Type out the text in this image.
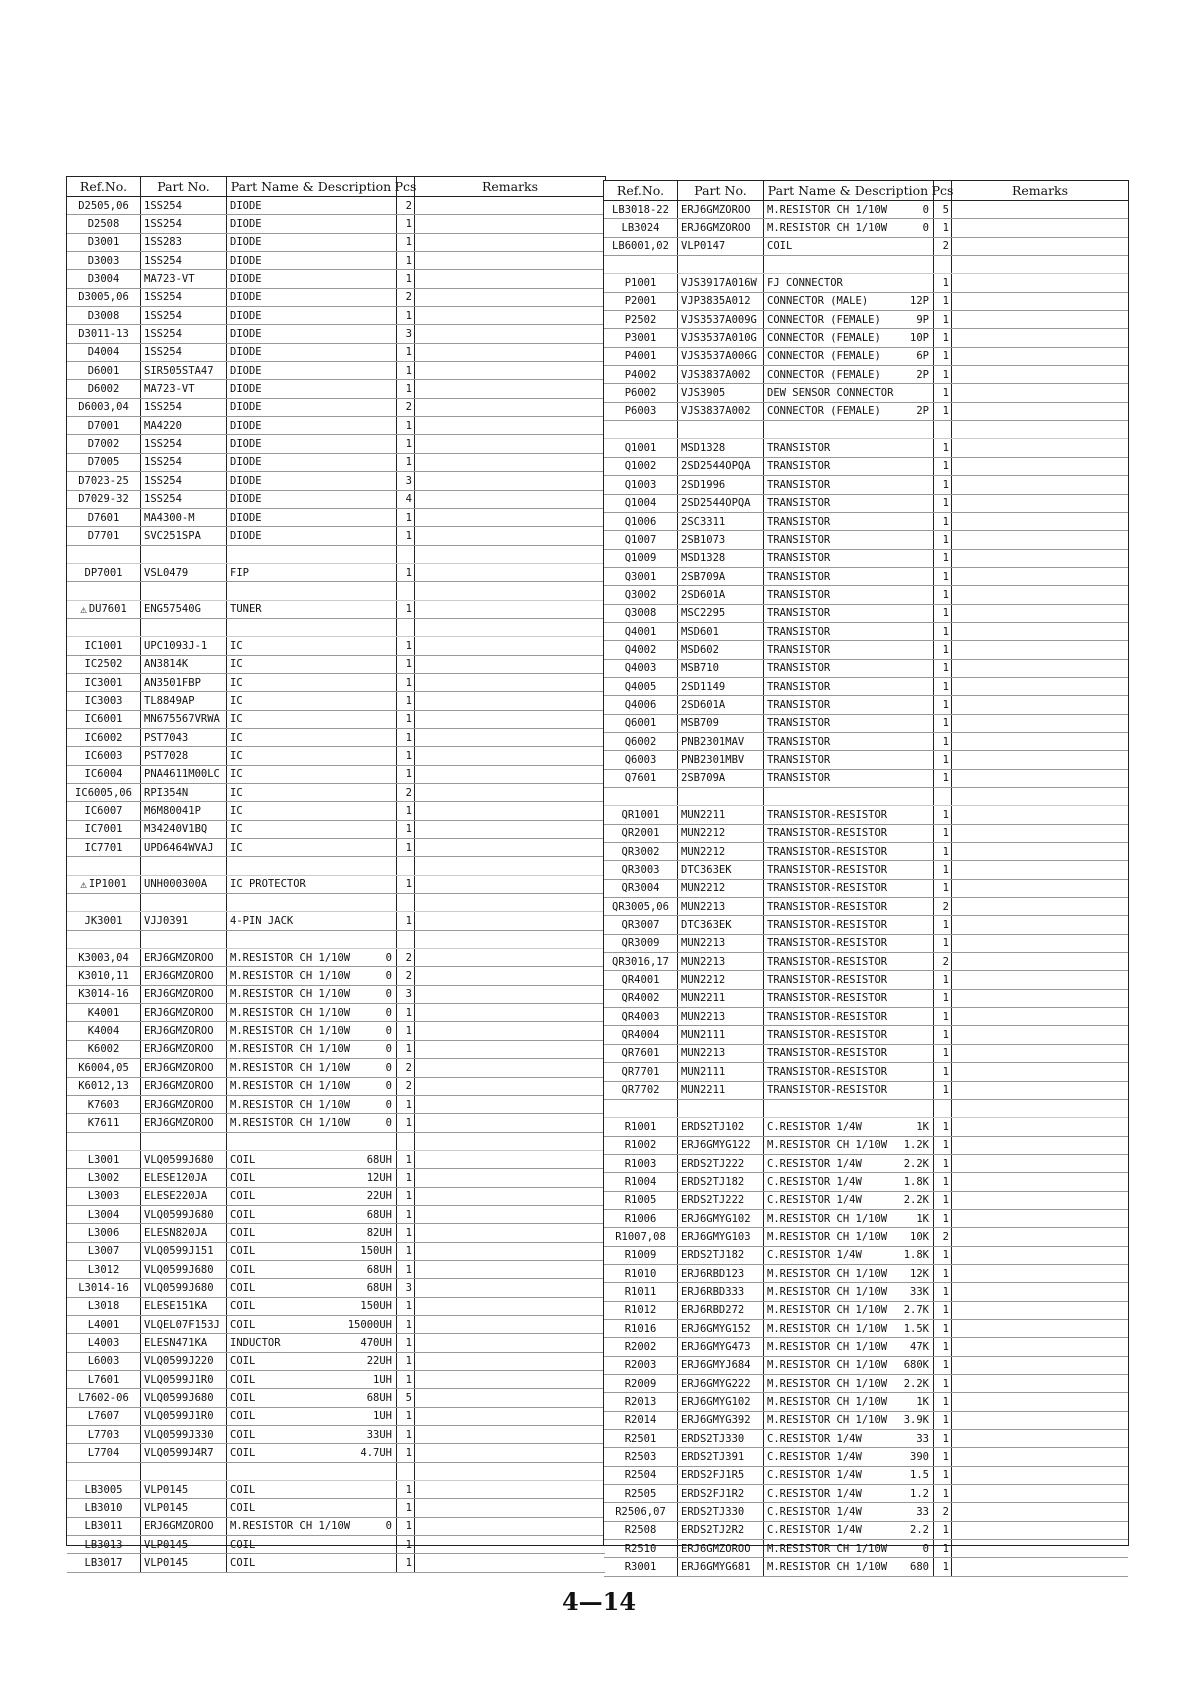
Ref.No.	Part No.	Part Name & Description Pcs	Remarks
D2505,06 1SS254	DIODE	2
D2508 1SS254	DIODE	1
D3001 1SS283	DIODE	1
D3003 1SS254	DIODE	1
D3004 MA723-VT	DIODE	1
D3005,06 1SS254	DIODE	2
D3008 1SS254	DIODE	1
D3011-13 1SS254	DIODE	3
D4004 1SS254	DIODE	1
D6001 SIR505STA47	DIODE	1
D6002 MA723-VT	DIODE	1
D6003,04 1SS254	DIODE	2
D7001 MA4220	DIODE	1
D7002 1SS254	DIODE	1
D7005 1SS254	DIODE	1
D7023-25 1SS254	DIODE	3
D7029-32 1SS254	DIODE	4
D7601 MA4300-M	DIODE	1
D7701 SVC251SPA	DIODE	1
DP7001 VSL0479	FIP	1
⚠ DU7601 ENG57540G	TUNER	1
IC1001 UPC1093J-1	IC	1
IC2502 AN3814K	IC	1
IC3001 AN3501FBP	IC	1
IC3003 TL8849AP	IC	1
IC6001 MN675567VRWA IC	1
IC6002 PST7043	IC	1
IC6003 PST7028	IC	1
IC6004 PNA4611M00LC IC	1
IC6005,06 RPI354N	IC	2
IC6007 M6M80041P	IC	1
IC7001 M34240V1BQ	IC	1
IC7701 UPD6464WVAJ	IC	1
⚠ IP1001 UNH000300A	IC PROTECTOR	1
JK3001 VJJ0391	4-PIN JACK	1
K3003,04 ERJ6GMZOROO	M.RESISTOR CH 1/10W	0	2
K3010,11 ERJ6GMZOROO	M.RESISTOR CH 1/10W	0	2
K3014-16 ERJ6GMZOROO	M.RESISTOR CH 1/10W	0	3
K4001 ERJ6GMZOROO	M.RESISTOR CH 1/10W	0	1
K4004 ERJ6GMZOROO	M.RESISTOR CH 1/10W	0	1
K6002 ERJ6GMZOROO	M.RESISTOR CH 1/10W	0	1
K6004,05 ERJ6GMZOROO	M.RESISTOR CH 1/10W	0	2
K6012,13 ERJ6GMZOROO	M.RESISTOR CH 1/10W	0	2
K7603 ERJ6GMZOROO	M.RESISTOR CH 1/10W	0	1
K7611 ERJ6GMZOROO	M.RESISTOR CH 1/10W	0	1
L3001 VLQ0599J680	COIL	68UH	1
L3002 ELESE120JA	COIL	12UH	1
L3003 ELESE220JA	COIL	22UH	1
L3004 VLQ0599J680	COIL	68UH	1
L3006 ELESN820JA	COIL	82UH	1
L3007 VLQ0599J151	COIL	150UH	1
L3012 VLQ0599J680	COIL	68UH	1
L3014-16 VLQ0599J680	COIL	68UH	3
L3018 ELESE151KA	COIL	150UH	1
L4001 VLQEL07F153J COIL	15000UH	1
L4003 ELESN471KA	INDUCTOR	470UH	1
L6003 VLQ0599J220	COIL	22UH	1
L7601 VLQ0599J1R0	COIL	1UH	1
L7602-06 VLQ0599J680	COIL	68UH	5
L7607 VLQ0599J1R0	COIL	1UH	1
L7703 VLQ0599J330	COIL	33UH	1
L7704 VLQ0599J4R7	COIL	4.7UH	1
LB3005 VLP0145	COIL	1
LB3010 VLP0145	COIL	1
LB3011 ERJ6GMZOROO	M.RESISTOR CH 1/10W	0	1
LB3013 VLP0145	COIL	1
LB3017 VLP0145	COIL	1
Ref.No.	Part No.	Part Name & Description Pcs	Remarks
LB3018-22 ERJ6GMZOROO	M.RESISTOR CH 1/10W	0	5
LB3024 ERJ6GMZOROO	M.RESISTOR CH 1/10W	0	1
LB6001,02 VLP0147	COIL	2
P1001 VJS3917A016W FJ CONNECTOR	1
P2001 VJP3835A012	CONNECTOR (MALE)	12P	1
P2502 VJS3537A009G CONNECTOR (FEMALE)	9P	1
P3001 VJS3537A010G CONNECTOR (FEMALE)	10P	1
P4001 VJS3537A006G CONNECTOR (FEMALE)	6P	1
P4002 VJS3837A002	CONNECTOR (FEMALE)	2P	1
P6002 VJS3905	DEW SENSOR CONNECTOR	1
P6003 VJS3837A002	CONNECTOR (FEMALE)	2P	1
Q1001 MSD1328	TRANSISTOR	1
Q1002 2SD2544OPQA	TRANSISTOR	1
Q1003 2SD1996	TRANSISTOR	1
Q1004 2SD2544OPQA	TRANSISTOR	1
Q1006 2SC3311	TRANSISTOR	1
Q1007 2SB1073	TRANSISTOR	1
Q1009 MSD1328	TRANSISTOR	1
Q3001 2SB709A	TRANSISTOR	1
Q3002 2SD601A	TRANSISTOR	1
Q3008 MSC2295	TRANSISTOR	1
Q4001 MSD601	TRANSISTOR	1
Q4002 MSD602	TRANSISTOR	1
Q4003 MSB710	TRANSISTOR	1
Q4005 2SD1149	TRANSISTOR	1
Q4006 2SD601A	TRANSISTOR	1
Q6001 MSB709	TRANSISTOR	1
Q6002 PNB2301MAV	TRANSISTOR	1
Q6003 PNB2301MBV	TRANSISTOR	1
Q7601 2SB709A	TRANSISTOR	1
QR1001 MUN2211	TRANSISTOR-RESISTOR	1
QR2001 MUN2212	TRANSISTOR-RESISTOR	1
QR3002 MUN2212	TRANSISTOR-RESISTOR	1
QR3003 DTC363EK	TRANSISTOR-RESISTOR	1
QR3004 MUN2212	TRANSISTOR-RESISTOR	1
QR3005,06 MUN2213	TRANSISTOR-RESISTOR	2
QR3007 DTC363EK	TRANSISTOR-RESISTOR	1
QR3009 MUN2213	TRANSISTOR-RESISTOR	1
QR3016,17 MUN2213	TRANSISTOR-RESISTOR	2
QR4001 MUN2212	TRANSISTOR-RESISTOR	1
QR4002 MUN2211	TRANSISTOR-RESISTOR	1
QR4003 MUN2213	TRANSISTOR-RESISTOR	1
QR4004 MUN2111	TRANSISTOR-RESISTOR	1
QR7601 MUN2213	TRANSISTOR-RESISTOR	1
QR7701 MUN2111	TRANSISTOR-RESISTOR	1
QR7702 MUN2211	TRANSISTOR-RESISTOR	1
R1001 ERDS2TJ102	C.RESISTOR 1/4W	1K	1
R1002 ERJ6GMYG122	M.RESISTOR CH 1/10W	1.2K	1
R1003 ERDS2TJ222	C.RESISTOR 1/4W	2.2K	1
R1004 ERDS2TJ182	C.RESISTOR 1/4W	1.8K	1
R1005 ERDS2TJ222	C.RESISTOR 1/4W	2.2K	1
R1006 ERJ6GMYG102	M.RESISTOR CH 1/10W	1K	1
R1007,08 ERJ6GMYG103	M.RESISTOR CH 1/10W	10K	2
R1009 ERDS2TJ182	C.RESISTOR 1/4W	1.8K	1
R1010 ERJ6RBD123	M.RESISTOR CH 1/10W	12K	1
R1011 ERJ6RBD333	M.RESISTOR CH 1/10W	33K	1
R1012 ERJ6RBD272	M.RESISTOR CH 1/10W	2.7K	1
R1016 ERJ6GMYG152	M.RESISTOR CH 1/10W	1.5K	1
R2002 ERJ6GMYG473	M.RESISTOR CH 1/10W	47K	1
R2003 ERJ6GMYJ684	M.RESISTOR CH 1/10W	680K	1
R2009 ERJ6GMYG222	M.RESISTOR CH 1/10W	2.2K	1
R2013 ERJ6GMYG102	M.RESISTOR CH 1/10W	1K	1
R2014 ERJ6GMYG392	M.RESISTOR CH 1/10W	3.9K	1
R2501 ERDS2TJ330	C.RESISTOR 1/4W	33	1
R2503 ERDS2TJ391	C.RESISTOR 1/4W	390	1
R2504 ERDS2FJ1R5	C.RESISTOR 1/4W	1.5	1
R2505 ERDS2FJ1R2	C.RESISTOR 1/4W	1.2	1
R2506,07 ERDS2TJ330	C.RESISTOR 1/4W	33	2
R2508 ERDS2TJ2R2	C.RESISTOR 1/4W	2.2	1
R2510 ERJ6GMZOROO	M.RESISTOR CH 1/10W	0	1
R3001 ERJ6GMYG681	M.RESISTOR CH 1/10W	680	1
4—14
